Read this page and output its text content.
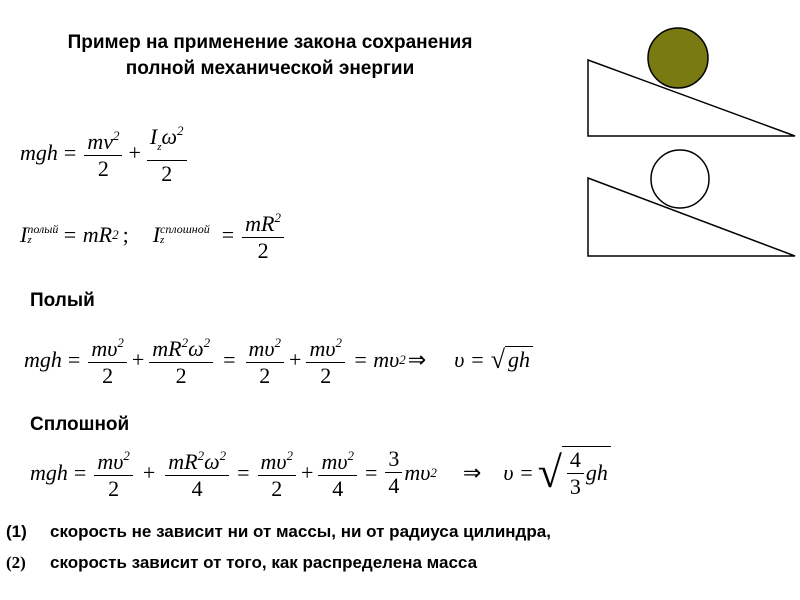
Пример на применение закона сохранения
полной механической энергии
mgh = $\frac{mv^2}{2} + \frac{I_z\omega^2}{2}$
I полый
z	= mR 2 ; I сплошной
z	= $\frac{mR^2}{2}$
Полый
mgh = $\frac{m\upsilon^2}{2} + \frac{mR^2\omega^2}{2} = \frac{m\upsilon^2}{2} + \frac{m\upsilon^2}{2} = m\upsilon$ 2 ⇒ υ = √ gh
Сплошной
mgh = $\frac{m\upsilon^2}{2} + \frac{mR^2\omega^2}{4} = \frac{m\upsilon^2}{2} + \frac{m\upsilon^2}{4} = \frac{3}{4}$ mυ 2 ⇒ υ = √ $\frac{4}{3}$ gh
(1) скорость не зависит ни от массы, ни от радиуса цилиндра,
(2) скорость зависит от того, как распределена масса
